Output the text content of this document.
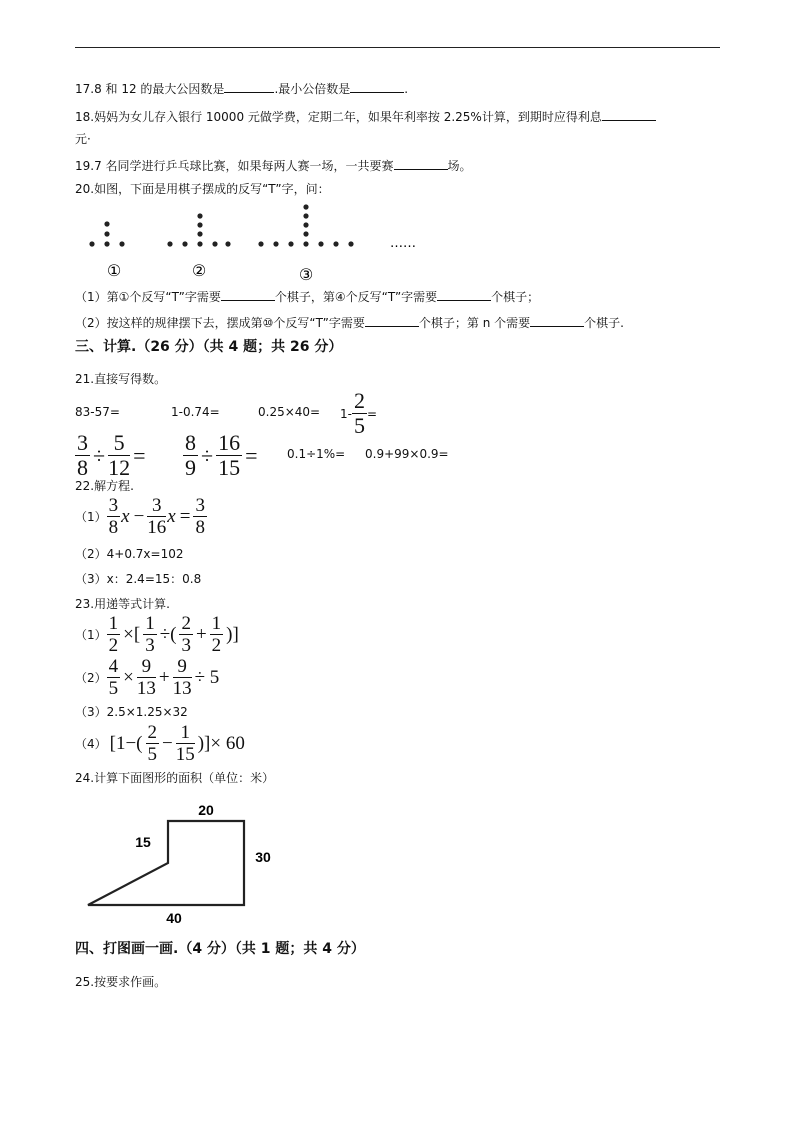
17.8 和 12 的最大公因数是	.最小公倍数是	.
18.妈妈为女儿存入银行 10000 元做学费，定期二年，如果年利率按 2.25%计算，到期时应得利息
元·
19.7 名同学进行乒乓球比赛，如果每两人赛一场，一共要赛	场。
20.如图，下面是用棋子摆成的反写“T”字，问：
①	②	③
……
（1）第①个反写“T”字需要	个棋子，第④个反写“T”字需要	个棋子；
（2）按这样的规律摆下去，摆成第⑩个反写“T”字需要	个棋子；第 n 个需要	个棋子.
三、计算.（26 分）（共 4 题；共 26 分）
21.直接写得数。
83-57=	1-0.74=	$0.25\times 40= 1- \frac{2}{5}$ =
$\frac{3}{8} \div \frac{5}{12} = \frac{8}{9} \div \frac{16}{15} = 0.1\div 1\%= 0.9+99\times 0.9=$
22.解方程.
$(1) \frac{3}{8}$ $x - \frac{3}{16}$ $x = \frac{3}{8}$
（2）4+0.7x=102
（3）x：2.4=15：0.8
23.用递等式计算.
$(1) \frac{1}{2}$ ×[ $\frac{1}{3}$ ÷( $\frac{2}{3} + \frac{1}{2}$ )]
$(2) \frac{4}{5} \times \frac{9}{13} + \frac{9}{13} \div 5$
（3）2.5×1.25×32
（4） [$1-( \frac{2}{5} - \frac{1}{15}$ )]× 60
24.计算下面图形的面积（单位：米）
20
15
30
40
四、打图画一画.（4 分）（共 1 题；共 4 分）
25.按要求作画。
